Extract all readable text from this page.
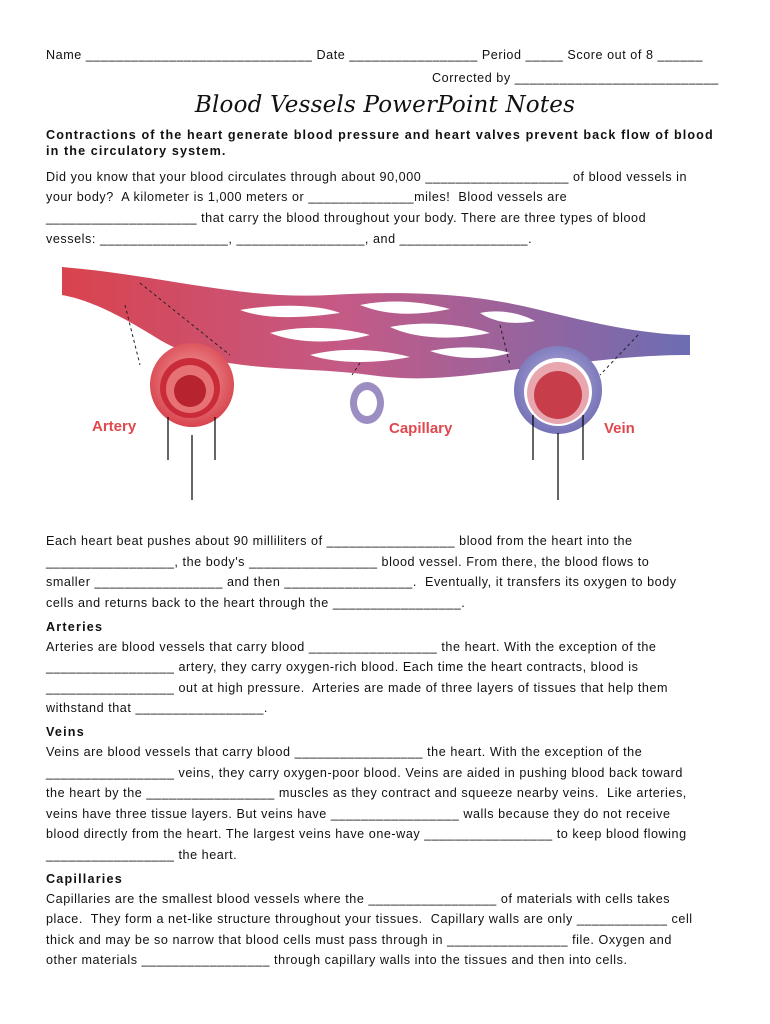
Name ______________________________ Date _________________ Period _____ Score out of 8 ______
Corrected by ___________________________
Blood Vessels PowerPoint Notes
Contractions of the heart generate blood pressure and heart valves prevent back flow of blood
in the circulatory system.
Did you know that your blood circulates through about 90,000 ___________________ of blood vessels in
your body?  A kilometer is 1,000 meters or ______________miles!  Blood vessels are
____________________ that carry the blood throughout your body. There are three types of blood
vessels: _________________, _________________, and _________________.
Artery	Capillary	Vein
Each heart beat pushes about 90 milliliters of _________________ blood from the heart into the
_________________, the body's _________________ blood vessel. From there, the blood flows to
smaller _________________ and then _________________.  Eventually, it transfers its oxygen to body
cells and returns back to the heart through the _________________.
Arteries
Arteries are blood vessels that carry blood _________________ the heart. With the exception of the
_________________ artery, they carry oxygen-rich blood. Each time the heart contracts, blood is
_________________ out at high pressure.  Arteries are made of three layers of tissues that help them
withstand that _________________.
Veins
Veins are blood vessels that carry blood _________________ the heart. With the exception of the
_________________ veins, they carry oxygen-poor blood. Veins are aided in pushing blood back toward
the heart by the _________________ muscles as they contract and squeeze nearby veins.  Like arteries,
veins have three tissue layers. But veins have _________________ walls because they do not receive
blood directly from the heart. The largest veins have one-way _________________ to keep blood flowing
_________________ the heart.
Capillaries
Capillaries are the smallest blood vessels where the _________________ of materials with cells takes
place.  They form a net-like structure throughout your tissues.  Capillary walls are only ____________ cell
thick and may be so narrow that blood cells must pass through in ________________ file. Oxygen and
other materials _________________ through capillary walls into the tissues and then into cells.
